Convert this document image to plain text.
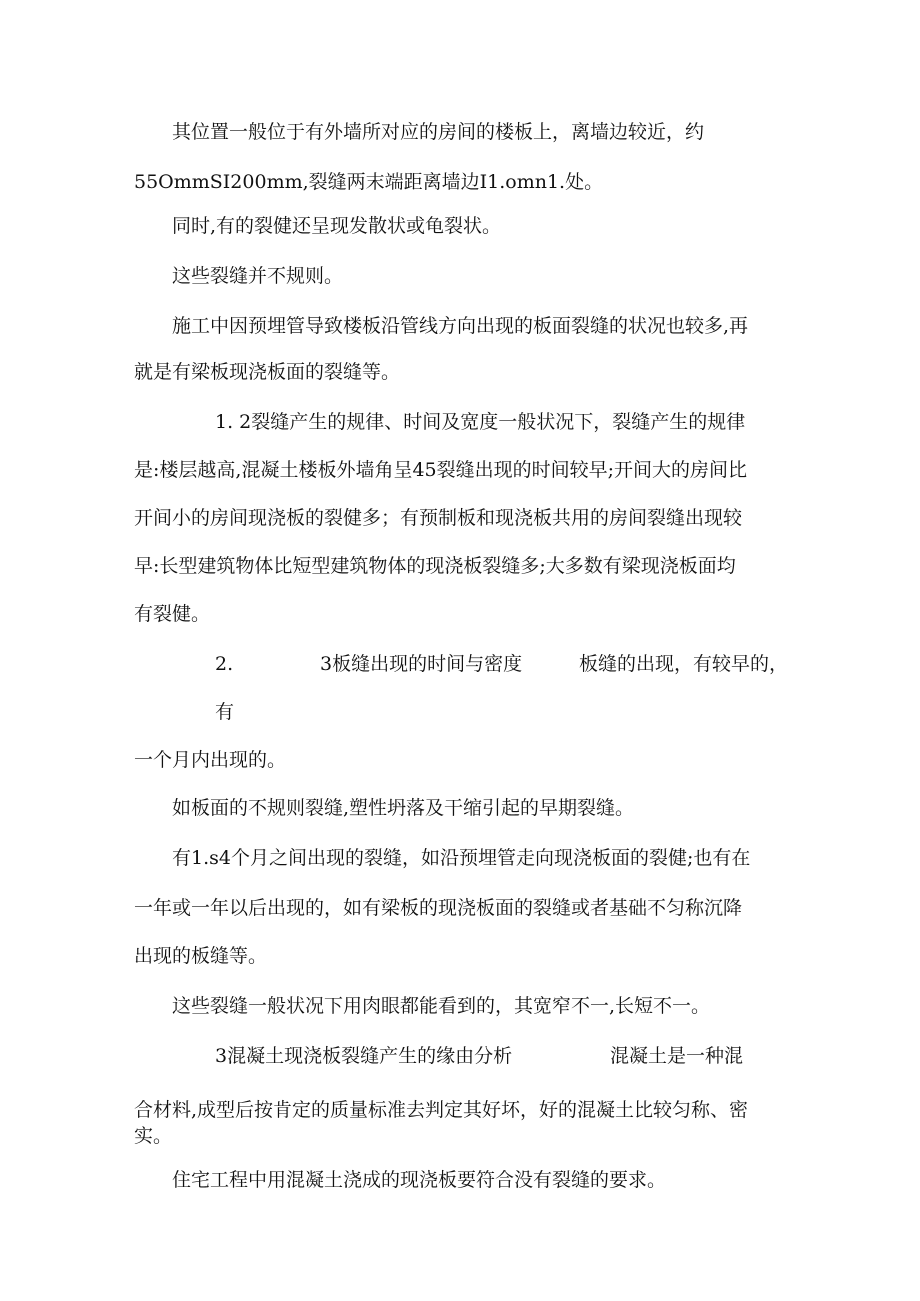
其位置一般位于有外墙所对应的房间的楼板上，离墙边较近，约
55OmmSI200mm,裂缝两末端距离墙边I1.omn1.处。
同时,有的裂健还呈现发散状或龟裂状。
这些裂缝并不规则。
施工中因预埋管导致楼板沿管线方向出现的板面裂缝的状况也较多,再
就是有梁板现浇板面的裂缝等。
1. 2裂缝产生的规律、时间及宽度一般状况下，裂缝产生的规律
是:楼层越高,混凝土楼板外墙角呈45裂缝出现的时间较早;开间大的房间比
开间小的房间现浇板的裂健多；有预制板和现浇板共用的房间裂缝出现较
早:长型建筑物体比短型建筑物体的现浇板裂缝多;大多数有梁现浇板面均
有裂健。
2.	3板缝出现的时间与密度	板缝的出现，有较早的，
有
一个月内出现的。
如板面的不规则裂缝,塑性坍落及干缩引起的早期裂缝。
有1.s4个月之间出现的裂缝，如沿预埋管走向现浇板面的裂健;也有在
一年或一年以后出现的，如有梁板的现浇板面的裂缝或者基础不匀称沉降
出现的板缝等。
这些裂缝一般状况下用肉眼都能看到的，其宽窄不一,长短不一。
3混凝土现浇板裂缝产生的缘由分析	混凝土是一种混
合材料,成型后按肯定的质量标准去判定其好坏，好的混凝土比较匀称、密
实。
住宅工程中用混凝土浇成的现浇板要符合没有裂缝的要求。
